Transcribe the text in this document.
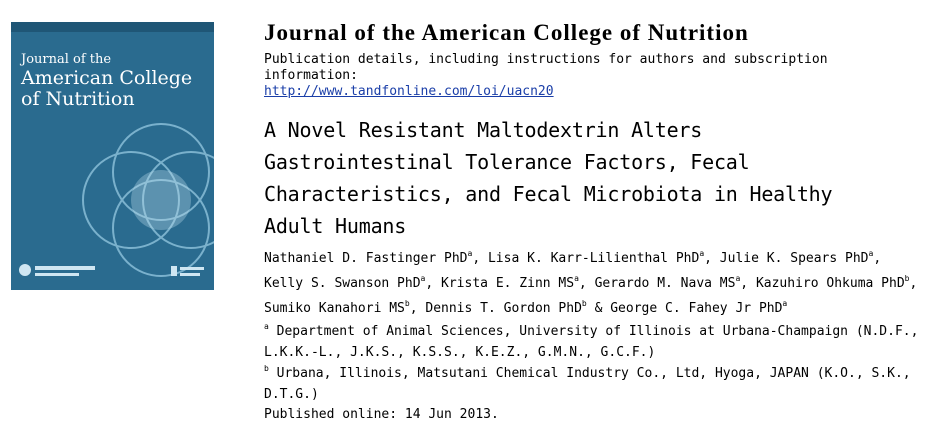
Journal of the
American College
of Nutrition
Journal of the American College of Nutrition
Publication details, including instructions for authors and subscription information:
http://www.tandfonline.com/loi/uacn20
A Novel Resistant Maltodextrin Alters
Gastrointestinal Tolerance Factors, Fecal
Characteristics, and Fecal Microbiota in Healthy
Adult Humans
Nathaniel D. Fastinger PhD$^a$, Lisa K. Karr-Lilienthal PhD$^a$, Julie K. Spears PhD$^a$, Kelly S. Swanson PhD$^a$, Krista E. Zinn $MS^a$, Gerardo M. Nava $MS^a$, Kazuhiro Ohkuma PhD$^b$, Sumiko Kanahori $MS^b$, Dennis T. Gordon PhD$^b$ & George C. Fahey Jr PhD$^a$
$^a$ Department of Animal Sciences, University of Illinois at Urbana-Champaign (N.D.F., L.K.K.-L., J.K.S., K.S.S., K.E.Z., G.M.N., G.C.F.)
$^b$ Urbana, Illinois, Matsutani Chemical Industry Co., Ltd, Hyoga, JAPAN (K.O., S.K., D.T.G.)
Published online: 14 Jun 2013.
